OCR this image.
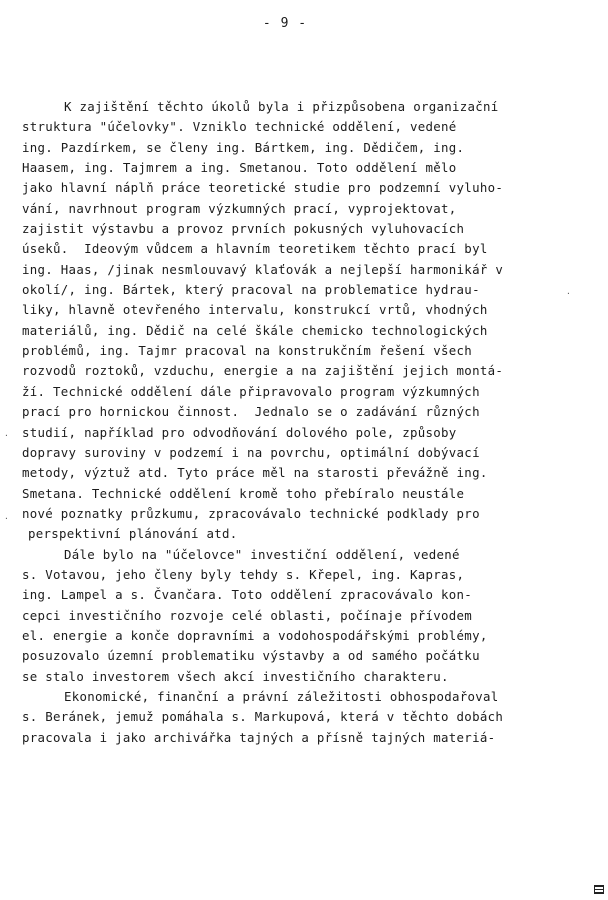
- 9 -
K zajištění těchto úkolů byla i přizpůsobena organizační
struktura "účelovky". Vzniklo technické oddělení, vedené
ing. Pazdírkem, se členy ing. Bártkem, ing. Dědičem, ing.
Haasem, ing. Tajmrem a ing. Smetanou. Toto oddělení mělo
jako hlavní náplň práce teoretické studie pro podzemní vyluho-
vání, navrhnout program výzkumných prací, vyprojektovat,
zajistit výstavbu a provoz prvních pokusných vyluhovacích
úseků.  Ideovým vůdcem a hlavním teoretikem těchto prací byl
ing. Haas, /jinak nesmlouvavý klaťovák a nejlepší harmonikář v
okolí/, ing. Bártek, který pracoval na problematice hydrau-
liky, hlavně otevřeného intervalu, konstrukcí vrtů, vhodných
materiálů, ing. Dědič na celé škále chemicko technologických
problémů, ing. Tajmr pracoval na konstrukčním řešení všech
rozvodů roztoků, vzduchu, energie a na zajištění jejich montá-
ží. Technické oddělení dále připravovalo program výzkumných
prací pro hornickou činnost.  Jednalo se o zadávání různých
studií, například pro odvodňování dolového pole, způsoby
dopravy suroviny v podzemí i na povrchu, optimální dobývací
metody, výztuž atd. Tyto práce měl na starosti převážně ing.
Smetana. Technické oddělení kromě toho přebíralo neustále
nové poznatky průzkumu, zpracovávalo technické podklady pro
perspektivní plánování atd.
Dále bylo na "účelovce" investiční oddělení, vedené
s. Votavou, jeho členy byly tehdy s. Křepel, ing. Kapras,
ing. Lampel a s. Čvančara. Toto oddělení zpracovávalo kon-
cepci investičního rozvoje celé oblasti, počínaje přívodem
el. energie a konče dopravními a vodohospodářskými problémy,
posuzovalo územní problematiku výstavby a od samého počátku
se stalo investorem všech akcí investičního charakteru.
Ekonomické, finanční a právní záležitosti obhospodařoval
s. Beránek, jemuž pomáhala s. Markupová, která v těchto dobách
pracovala i jako archivářka tajných a přísně tajných materiá-
·
·
·
